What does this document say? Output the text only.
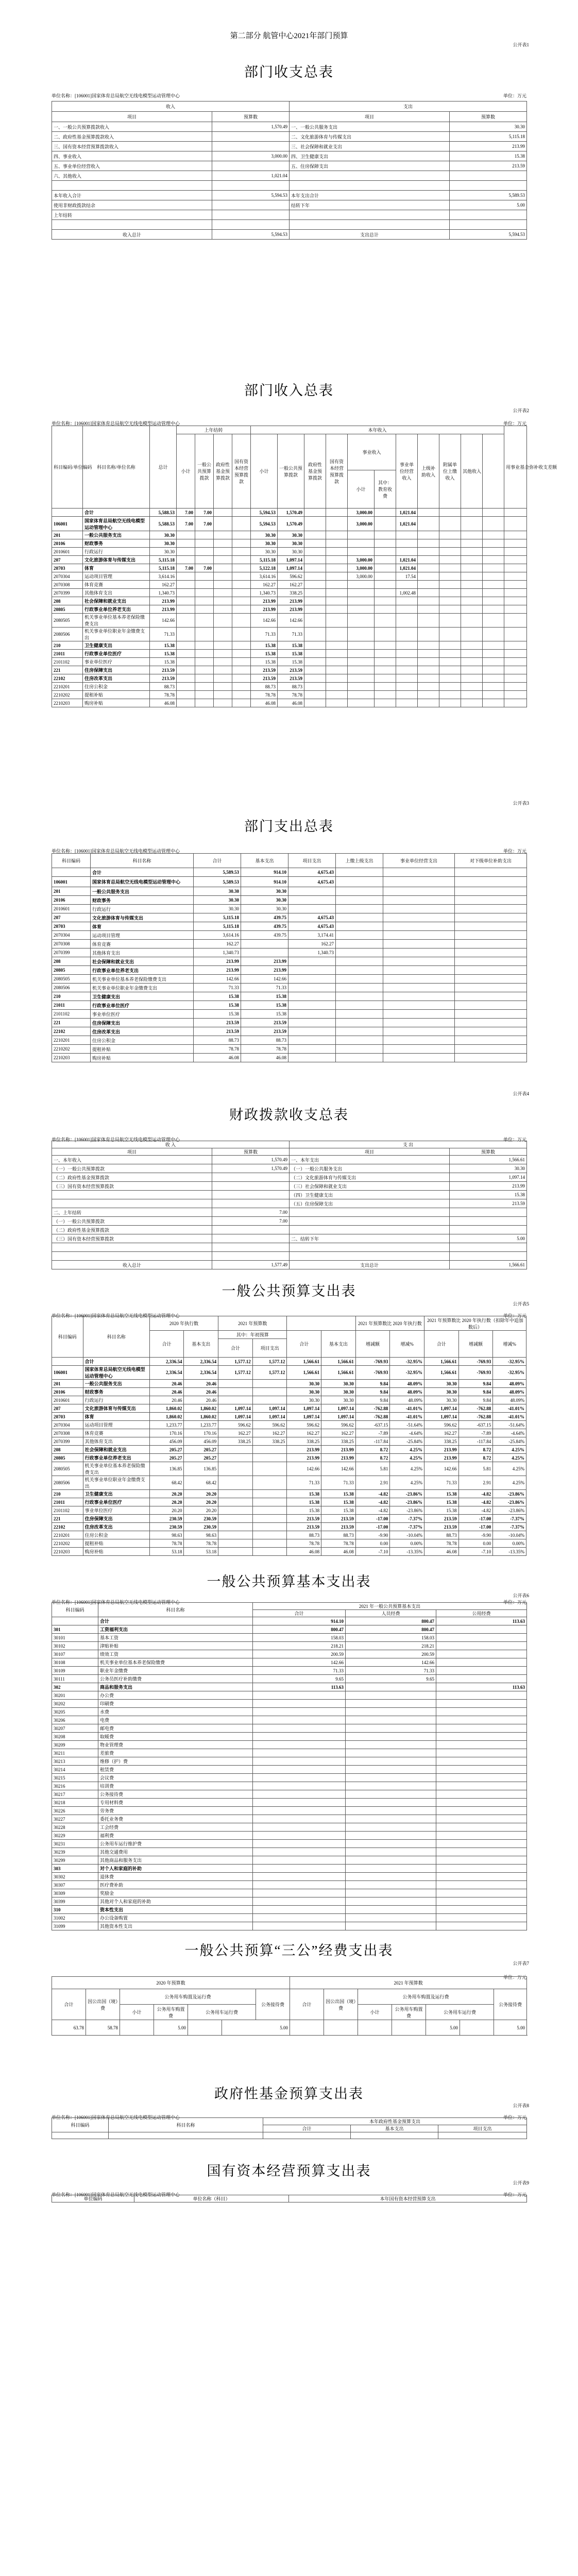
第二部分 航管中心2021年部门预算
公开表1
部门收支总表
单位名称：[106001]国家体育总局航空无线电模型运动管理中心	单位：万元
收入		支出	
项目	预算数	项目	预算数
一、一般公共预算拨款收入	1,570.49	一、一般公共服务支出	30.30
二、政府性基金预算拨款收入		二、文化旅游体育与传媒支出	5,115.18
三、国有资本经营预算拨款收入		三、社会保障和就业支出	213.99
四、事业收入	3,000.00	四、卫生健康支出	15.38
五、事业单位经营收入		五、住房保障支出	213.59
六、其他收入	1,021.04		

本年收入合计	5,594.53	本年支出合计	5,589.53
使用非财政拨款结余		结转下年	5.00
上年结转			

收入总计	5,594.53	支出总计	5,594.53
部门收入总表
公开表2
单位名称：[106001]国家体育总局航空无线电模型运动管理中心	单位：万元
科目编码/单位编码	科目名称/单位名称	总计	上年结转				本年收入											用事业基金弥补收支差额
			小计	一般公共预算拨款	政府性基金预算拨款	国有资本经营预算拨款	小计	一般公共预算拨款	政府性基金预算拨款	国有资本经营预算拨款	事业收入		事业单位经营收入	上级补助收入	附属单位上缴收入	其他收入		
											小计	其中：教育收费						
	合计	5,588.53	7.00	7.00			5,594.53	1,570.49			3,000.00		1,021.04					
106001	国家体育总局航空无线电模型运动管理中心	5,588.53	7.00	7.00			5,594.53	1,570.49			3,000.00		1,021.04					
201	一般公共服务支出	30.30					30.30	30.30										
20106	财政事务	30.30					30.30	30.30										
2010601	行政运行	30.30					30.30	30.30										
207	文化旅游体育与传媒支出	5,115.18					5,115.18	1,097.14			3,000.00		1,021.04					
20703	体育	5,115.18	7.00	7.00			5,122.18	1,097.14			3,000.00		1,021.04					
2070304	运动项目管理	3,614.16					3,614.16	596.62			3,000.00		17.54					
2070308	体育竞赛	162.27					162.27	162.27										
2070399	其他体育支出	1,340.73					1,340.73	338.25					1,002.48					
208	社会保障和就业支出	213.99					213.99	213.99										
20805	行政事业单位养老支出	213.99					213.99	213.99										
2080505	机关事业单位基本养老保险缴费支出	142.66					142.66	142.66										
2080506	机关事业单位职业年金缴费支出	71.33					71.33	71.33										
210	卫生健康支出	15.38					15.38	15.38										
21011	行政事业单位医疗	15.38					15.38	15.38										
2101102	事业单位医疗	15.38					15.38	15.38										
221	住房保障支出	213.59					213.59	213.59										
22102	住房改革支出	213.59					213.59	213.59										
2210201	住房公积金	88.73					88.73	88.73										
2210202	提租补贴	78.78					78.78	78.78										
2210203	购房补贴	46.08					46.08	46.08										
公开表3
部门支出总表
单位名称：[106001]国家体育总局航空无线电模型运动管理中心	单位：万元
科目编码	科目名称	合计	基本支出	项目支出	上缴上级支出	事业单位经营支出	对下级单位补助支出
	合计	5,589.53	914.10	4,675.43			
106001	国家体育总局航空无线电模型运动管理中心	5,589.53	914.10	4,675.43			
201	一般公共服务支出	30.30	30.30				
20106	财政事务	30.30	30.30				
2010601	行政运行	30.30	30.30				
207	文化旅游体育与传媒支出	5,115.18	439.75	4,675.43			
20703	体育	5,115.18	439.75	4,675.43			
2070304	运动项目管理	3,614.16	439.75	3,174.41			
2070308	体育竞赛	162.27		162.27			
2070399	其他体育支出	1,340.73		1,340.73			
208	社会保障和就业支出	213.99	213.99				
20805	行政事业单位养老支出	213.99	213.99				
2080505	机关事业单位基本养老保险缴费支出	142.66	142.66				
2080506	机关事业单位职业年金缴费支出	71.33	71.33				
210	卫生健康支出	15.38	15.38				
21011	行政事业单位医疗	15.38	15.38				
2101102	事业单位医疗	15.38	15.38				
221	住房保障支出	213.59	213.59				
22102	住房改革支出	213.59	213.59				
2210201	住房公积金	88.73	88.73				
2210202	提租补贴	78.78	78.78				
2210203	购房补贴	46.08	46.08				
公开表4
财政拨款收支总表
单位名称：[106001]国家体育总局航空无线电模型运动管理中心	单位：万元
收 入		支 出	
项目	预算数	项目	预算数
一、本年收入	1,570.49	一、本年支出	1,566.61
（一）一般公共预算拨款	1,570.49	（一）一般公共服务支出	30.30
（二）政府性基金预算拨款		（二）文化旅游体育与传媒支出	1,097.14
（三）国有资本经营预算拨款		（三）社会保障和就业支出	213.99
		（四）卫生健康支出	15.38
		（五）住房保障支出	213.59
二、上年结转	7.00		
（一）一般公共预算拨款	7.00		
（二）政府性基金预算拨款			
（三）国有资本经营预算拨款		二、结转下年	5.00

收入总计	1,577.49	支出总计	1,566.61
一般公共预算支出表
公开表5
单位名称：[106001]国家体育总局航空无线电模型运动管理中心	单位：万元
科目编码	科目名称	2020 年执行数		2021 年预算数				2021 年预算数比 2020 年执行数		2021 年预算数比 2020 年执行数（扣除年中追加数后）		
		合计	基本支出	其中：年初预算		合计	基本支出	增减额	增减%	合计	增减额	增减%
				合计	项目支出							
	合计	2,336.54	2,336.54	1,577.12	1,577.12	1,566.61	1,566.61	-769.93	-32.95%	1,566.61	-769.93	-32.95%
106001	国家体育总局航空无线电模型运动管理中心	2,336.54	2,336.54	1,577.12	1,577.12	1,566.61	1,566.61	-769.93	-32.95%	1,566.61	-769.93	-32.95%
201	一般公共服务支出	20.46	20.46			30.30	30.30	9.84	48.09%	30.30	9.84	48.09%
20106	财政事务	20.46	20.46			30.30	30.30	9.84	48.09%	30.30	9.84	48.09%
2010601	行政运行	20.46	20.46			30.30	30.30	9.84	48.09%	30.30	9.84	48.09%
207	文化旅游体育与传媒支出	1,860.02	1,860.02	1,097.14	1,097.14	1,097.14	1,097.14	-762.88	-41.01%	1,097.14	-762.88	-41.01%
20703	体育	1,860.02	1,860.02	1,097.14	1,097.14	1,097.14	1,097.14	-762.88	-41.01%	1,097.14	-762.88	-41.01%
2070304	运动项目管理	1,233.77	1,233.77	596.62	596.62	596.62	596.62	-637.15	-51.64%	596.62	-637.15	-51.64%
2070308	体育竞赛	170.16	170.16	162.27	162.27	162.27	162.27	-7.89	-4.64%	162.27	-7.89	-4.64%
2070399	其他体育支出	456.09	456.09	338.25	338.25	338.25	338.25	-117.84	-25.84%	338.25	-117.84	-25.84%
208	社会保障和就业支出	205.27	205.27			213.99	213.99	8.72	4.25%	213.99	8.72	4.25%
20805	行政事业单位养老支出	205.27	205.27			213.99	213.99	8.72	4.25%	213.99	8.72	4.25%
2080505	机关事业单位基本养老保险缴费支出	136.85	136.85			142.66	142.66	5.81	4.25%	142.66	5.81	4.25%
2080506	机关事业单位职业年金缴费支出	68.42	68.42			71.33	71.33	2.91	4.25%	71.33	2.91	4.25%
210	卫生健康支出	20.20	20.20			15.38	15.38	-4.82	-23.86%	15.38	-4.82	-23.86%
21011	行政事业单位医疗	20.20	20.20			15.38	15.38	-4.82	-23.86%	15.38	-4.82	-23.86%
2101102	事业单位医疗	20.20	20.20			15.38	15.38	-4.82	-23.86%	15.38	-4.82	-23.86%
221	住房保障支出	230.59	230.59			213.59	213.59	-17.00	-7.37%	213.59	-17.00	-7.37%
22102	住房改革支出	230.59	230.59			213.59	213.59	-17.00	-7.37%	213.59	-17.00	-7.37%
2210201	住房公积金	98.63	98.63			88.73	88.73	-9.90	-10.04%	88.73	-9.90	-10.04%
2210202	提租补贴	78.78	78.78			78.78	78.78	0.00	0.00%	78.78	0.00	0.00%
2210203	购房补贴	53.18	53.18			46.08	46.08	-7.10	-13.35%	46.08	-7.10	-13.35%
一般公共预算基本支出表
公开表6
单位名称：[106001]国家体育总局航空无线电模型运动管理中心	单位：万元
科目编码	科目名称	2021 年一般公共预算基本支出		
		合计	人员经费	公用经费
	合计	914.10	800.47	113.63
301	工资福利支出	800.47	800.47	
30101	基本工资	158.03	158.03	
30102	津贴补贴	218.21	218.21	
30107	绩效工资	200.59	200.59	
30108	机关事业单位基本养老保险缴费	142.66	142.66	
30109	职业年金缴费	71.33	71.33	
30111	公务员医疗补助缴费	9.65	9.65	
302	商品和服务支出	113.63		113.63
30201	办公费			
30202	印刷费			
30205	水费			
30206	电费			
30207	邮电费			
30208	取暖费			
30209	物业管理费			
30211	差旅费			
30213	维修（护）费			
30214	租赁费			
30215	会议费			
30216	培训费			
30217	公务接待费			
30218	专用材料费			
30226	劳务费			
30227	委托业务费			
30228	工会经费			
30229	福利费			
30231	公务用车运行维护费			
30239	其他交通费用			
30299	其他商品和服务支出			
303	对个人和家庭的补助			
30302	退休费			
30307	医疗费补助			
30309	奖励金			
30399	其他对个人和家庭的补助			
310	资本性支出			
31002	办公设备购置			
31099	其他资本性支出			
一般公共预算“三公”经费支出表
公开表7
单位：万元
2020 年预算数							2021 年预算数							
合计	因公出国（境）费	公务用车购置及运行费				公务接待费	合计	因公出国（境）费	公务用车购置及运行费				公务接待费	
		小计	公务用车购置费	公务用车运行费					小计	公务用车购置费	公务用车运行费			
63.78	58.78		5.00		5.00						5.00		5.00	
政府性基金预算支出表
公开表8
单位名称：[106001]国家体育总局航空无线电模型运动管理中心	单位：万元
科目编码	科目名称	本年政府性基金预算支出		
		合计	基本支出	项目支出

国有资本经营预算支出表
公开表9
单位名称：[106001]国家体育总局航空无线电模型运动管理中心	单位：万元
单位编码	单位名称（科目）	本年国有资本经营预算支出
